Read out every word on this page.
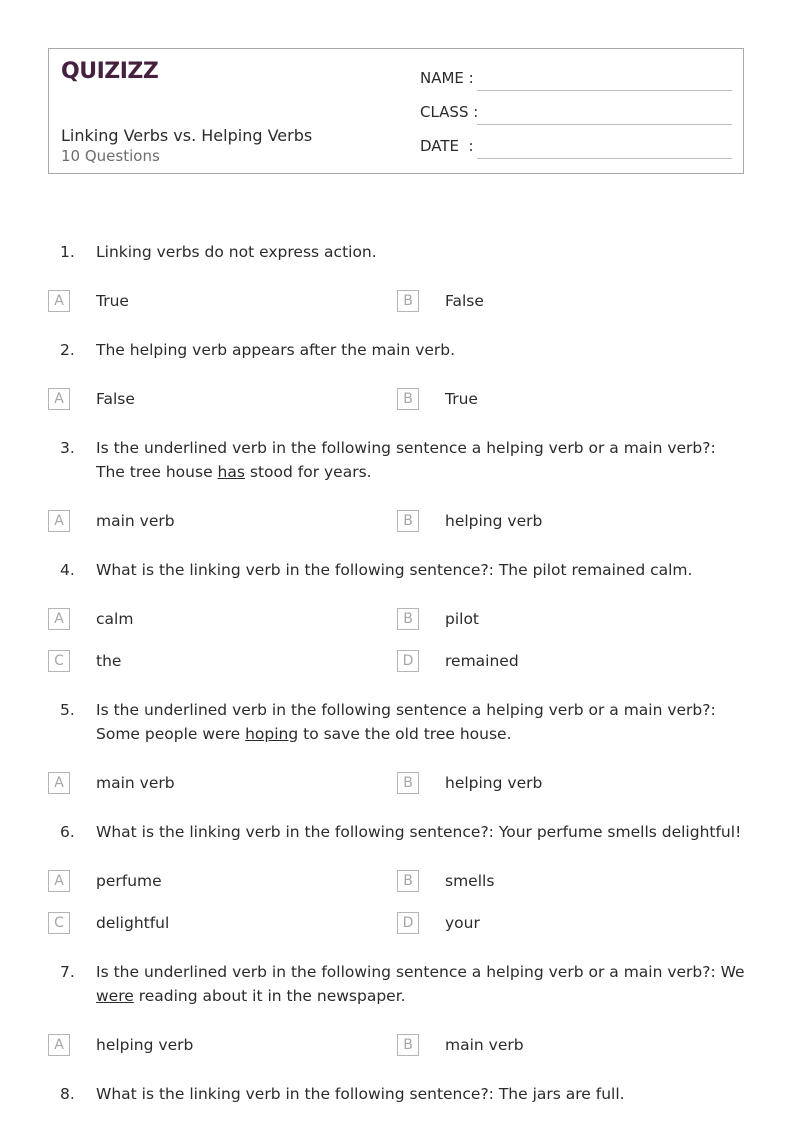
QUIZIZZ
Linking Verbs vs. Helping Verbs
10 Questions
NAME :
CLASS :
DATE  :
1. Linking verbs do not express action.
A	True	B	False
2. The helping verb appears after the main verb.
A	False	B	True
3. Is the underlined verb in the following sentence a helping verb or a main verb?: The tree house has stood for years.
A	main verb	B	helping verb
4. What is the linking verb in the following sentence?: The pilot remained calm.
A	calm	B	pilot
C	the	D	remained
5. Is the underlined verb in the following sentence a helping verb or a main verb?: Some people were hoping to save the old tree house.
A	main verb	B	helping verb
6. What is the linking verb in the following sentence?: Your perfume smells delightful!
A	perfume	B	smells
C	delightful	D	your
7. Is the underlined verb in the following sentence a helping verb or a main verb?: We were reading about it in the newspaper.
A	helping verb	B	main verb
8. What is the linking verb in the following sentence?: The jars are full.
